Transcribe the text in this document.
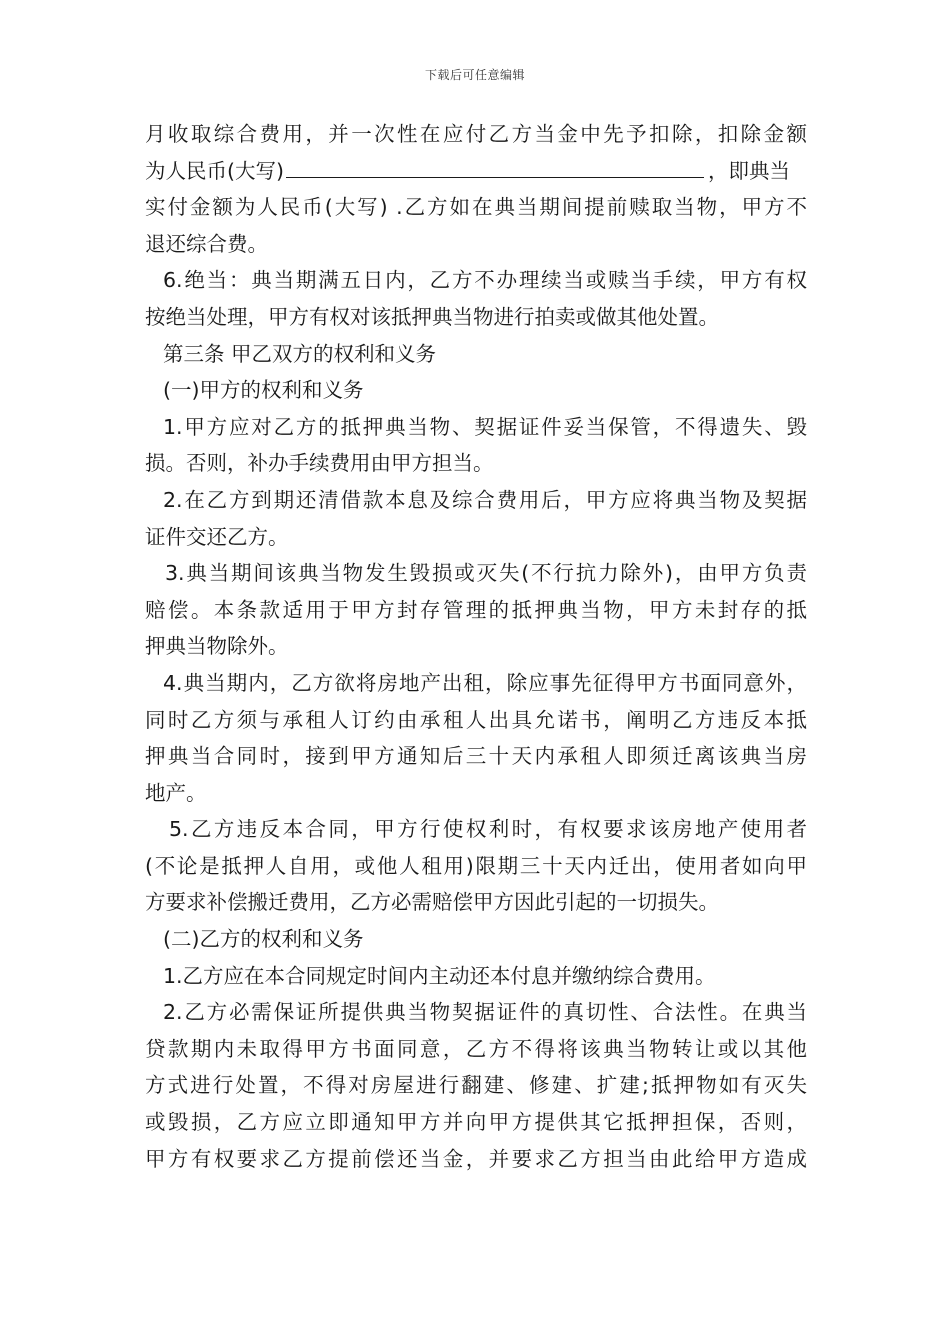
下载后可任意编辑
月收取综合费用，并一次性在应付乙方当金中先予扣除，扣除金额
为人民币(大写)	，即典当
实付金额为人民币(大写) .乙方如在典当期间提前赎取当物，甲方不
退还综合费。
6.绝当：典当期满五日内，乙方不办理续当或赎当手续，甲方有权
按绝当处理，甲方有权对该抵押典当物进行拍卖或做其他处置。
第三条 甲乙双方的权利和义务
(一)甲方的权利和义务
1.甲方应对乙方的抵押典当物、契据证件妥当保管，不得遗失、毁
损。否则，补办手续费用由甲方担当。
2.在乙方到期还清借款本息及综合费用后，甲方应将典当物及契据
证件交还乙方。
3.典当期间该典当物发生毁损或灭失(不行抗力除外)，由甲方负责
赔偿。本条款适用于甲方封存管理的抵押典当物，甲方未封存的抵
押典当物除外。
4.典当期内，乙方欲将房地产出租，除应事先征得甲方书面同意外，
同时乙方须与承租人订约由承租人出具允诺书，阐明乙方违反本抵
押典当合同时，接到甲方通知后三十天内承租人即须迁离该典当房
地产。
5.乙方违反本合同，甲方行使权利时，有权要求该房地产使用者
(不论是抵押人自用，或他人租用)限期三十天内迁出，使用者如向甲
方要求补偿搬迁费用，乙方必需赔偿甲方因此引起的一切损失。
(二)乙方的权利和义务
1.乙方应在本合同规定时间内主动还本付息并缴纳综合费用。
2.乙方必需保证所提供典当物契据证件的真切性、合法性。在典当
贷款期内未取得甲方书面同意，乙方不得将该典当物转让或以其他
方式进行处置，不得对房屋进行翻建、修建、扩建;抵押物如有灭失
或毁损，乙方应立即通知甲方并向甲方提供其它抵押担保，否则，
甲方有权要求乙方提前偿还当金，并要求乙方担当由此给甲方造成
